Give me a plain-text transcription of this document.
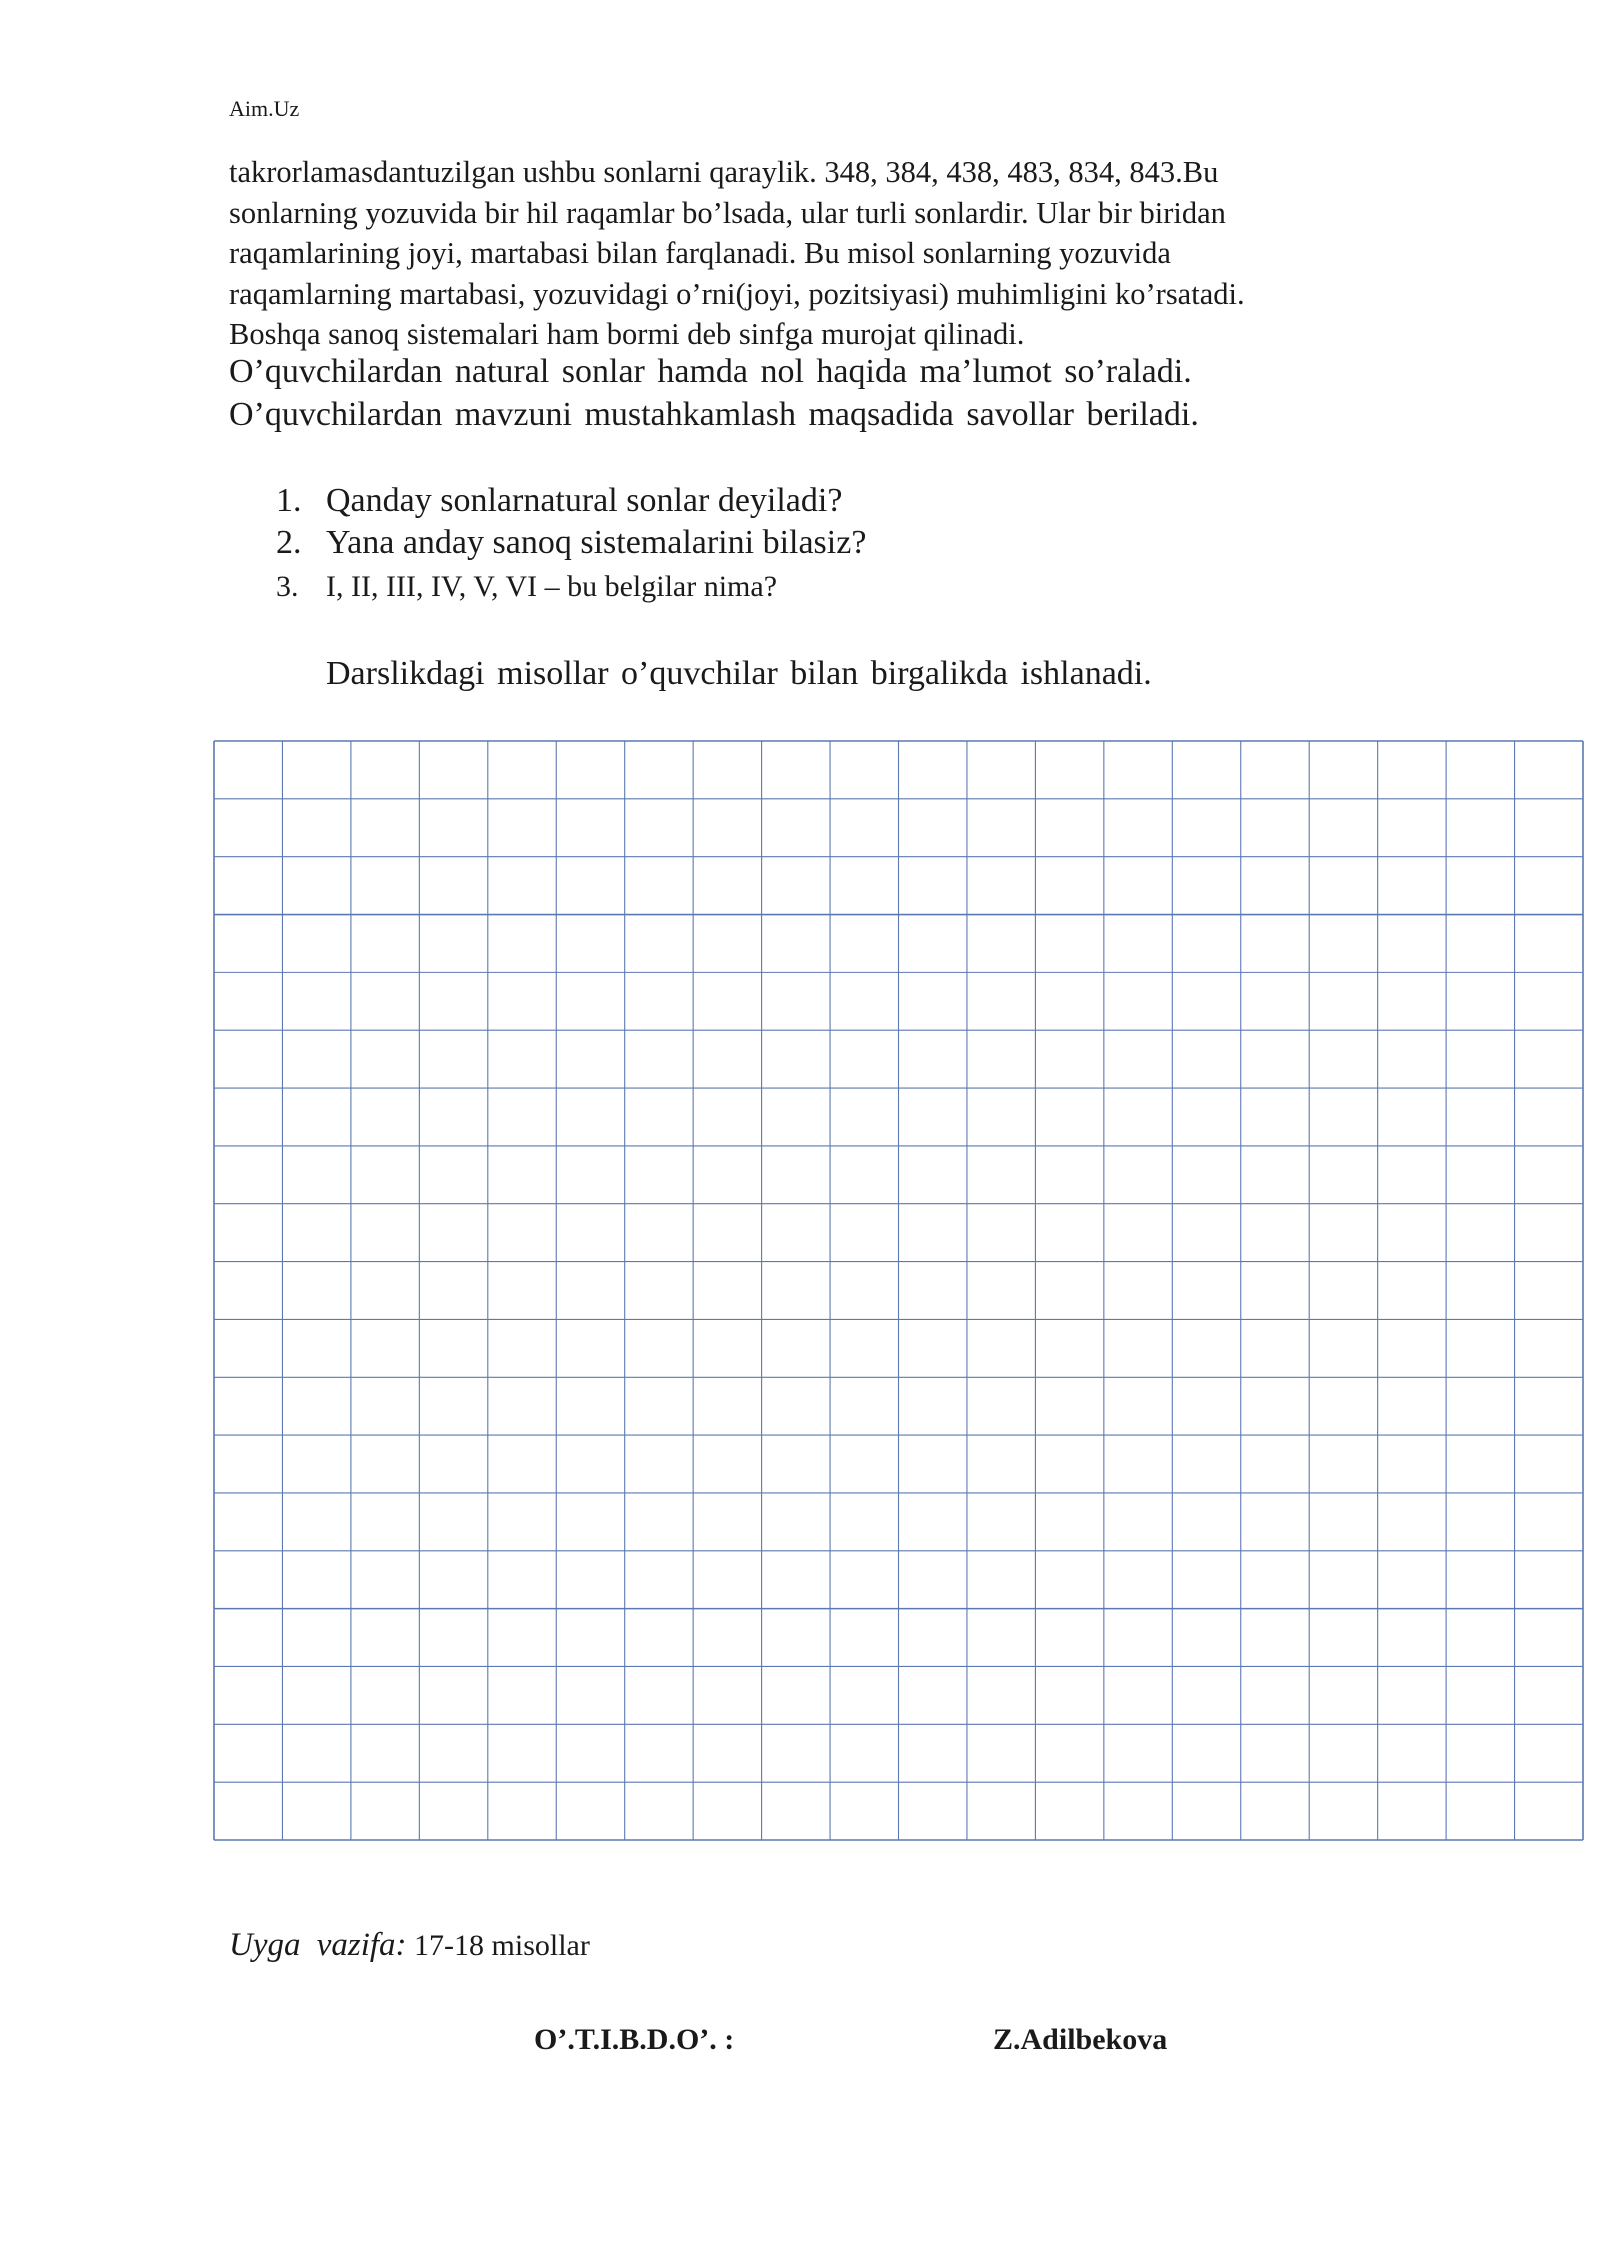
Aim.Uz
takrorlamasdantuzilgan ushbu sonlarni qaraylik. 348, 384, 438, 483, 834, 843.Bu
sonlarning yozuvida bir hil raqamlar bo’lsada, ular turli sonlardir. Ular bir biridan
raqamlarining joyi, martabasi bilan farqlanadi. Bu misol sonlarning yozuvida
raqamlarning martabasi, yozuvidagi o’rni(joyi, pozitsiyasi) muhimligini ko’rsatadi.
Boshqa sanoq sistemalari ham bormi deb sinfga murojat qilinadi.
O’quvchilardan natural sonlar hamda nol haqida ma’lumot so’raladi.
O’quvchilardan mavzuni mustahkamlash maqsadida savollar beriladi.
1. Qanday sonlarnatural sonlar deyiladi?
2. Yana anday sanoq sistemalarini bilasiz?
3. I, II, III, IV, V, VI – bu belgilar nima?
Darslikdagi misollar o’quvchilar bilan birgalikda ishlanadi.
Uyga vazifa: 17-18 misollar
O’.T.I.B.D.O’. :	Z.Adilbekova
